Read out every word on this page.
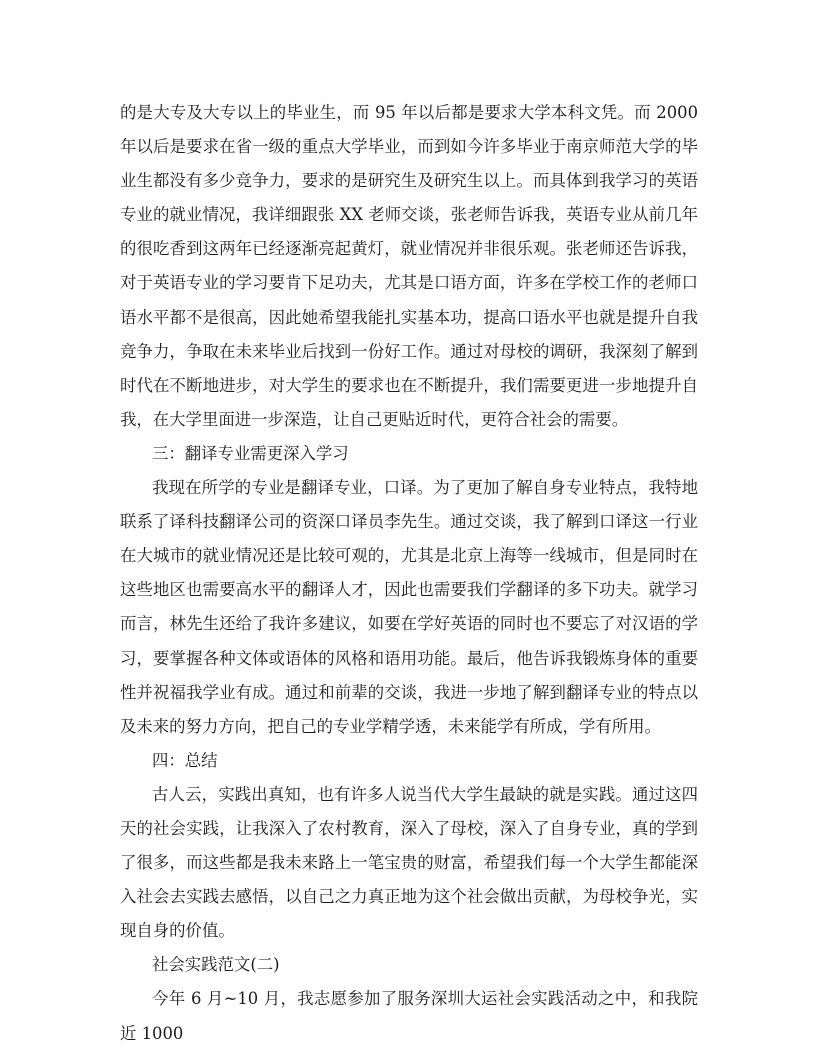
的是大专及大专以上的毕业生，而 95 年以后都是要求大学本科文凭。而 2000 年以后是要求在省一级的重点大学毕业，而到如今许多毕业于南京师范大学的毕业生都没有多少竞争力，要求的是研究生及研究生以上。而具体到我学习的英语专业的就业情况，我详细跟张 XX 老师交谈，张老师告诉我，英语专业从前几年的很吃香到这两年已经逐渐亮起黄灯，就业情况并非很乐观。张老师还告诉我，对于英语专业的学习要肯下足功夫，尤其是口语方面，许多在学校工作的老师口语水平都不是很高，因此她希望我能扎实基本功，提高口语水平也就是提升自我竞争力，争取在未来毕业后找到一份好工作。通过对母校的调研，我深刻了解到时代在不断地进步，对大学生的要求也在不断提升，我们需要更进一步地提升自我，在大学里面进一步深造，让自己更贴近时代，更符合社会的需要。

三：翻译专业需更深入学习

我现在所学的专业是翻译专业，口译。为了更加了解自身专业特点，我特地联系了译科技翻译公司的资深口译员李先生。通过交谈，我了解到口译这一行业在大城市的就业情况还是比较可观的，尤其是北京上海等一线城市，但是同时在这些地区也需要高水平的翻译人才，因此也需要我们学翻译的多下功夫。就学习而言，林先生还给了我许多建议，如要在学好英语的同时也不要忘了对汉语的学习，要掌握各种文体或语体的风格和语用功能。最后，他告诉我锻炼身体的重要性并祝福我学业有成。通过和前辈的交谈，我进一步地了解到翻译专业的特点以及未来的努力方向，把自己的专业学精学透，未来能学有所成，学有所用。

四：总结

古人云，实践出真知，也有许多人说当代大学生最缺的就是实践。通过这四天的社会实践，让我深入了农村教育，深入了母校，深入了自身专业，真的学到了很多，而这些都是我未来路上一笔宝贵的财富，希望我们每一个大学生都能深入社会去实践去感悟，以自己之力真正地为这个社会做出贡献，为母校争光，实现自身的价值。

社会实践范文(二)

今年 6 月~10 月，我志愿参加了服务深圳大运社会实践活动之中，和我院近 1000
